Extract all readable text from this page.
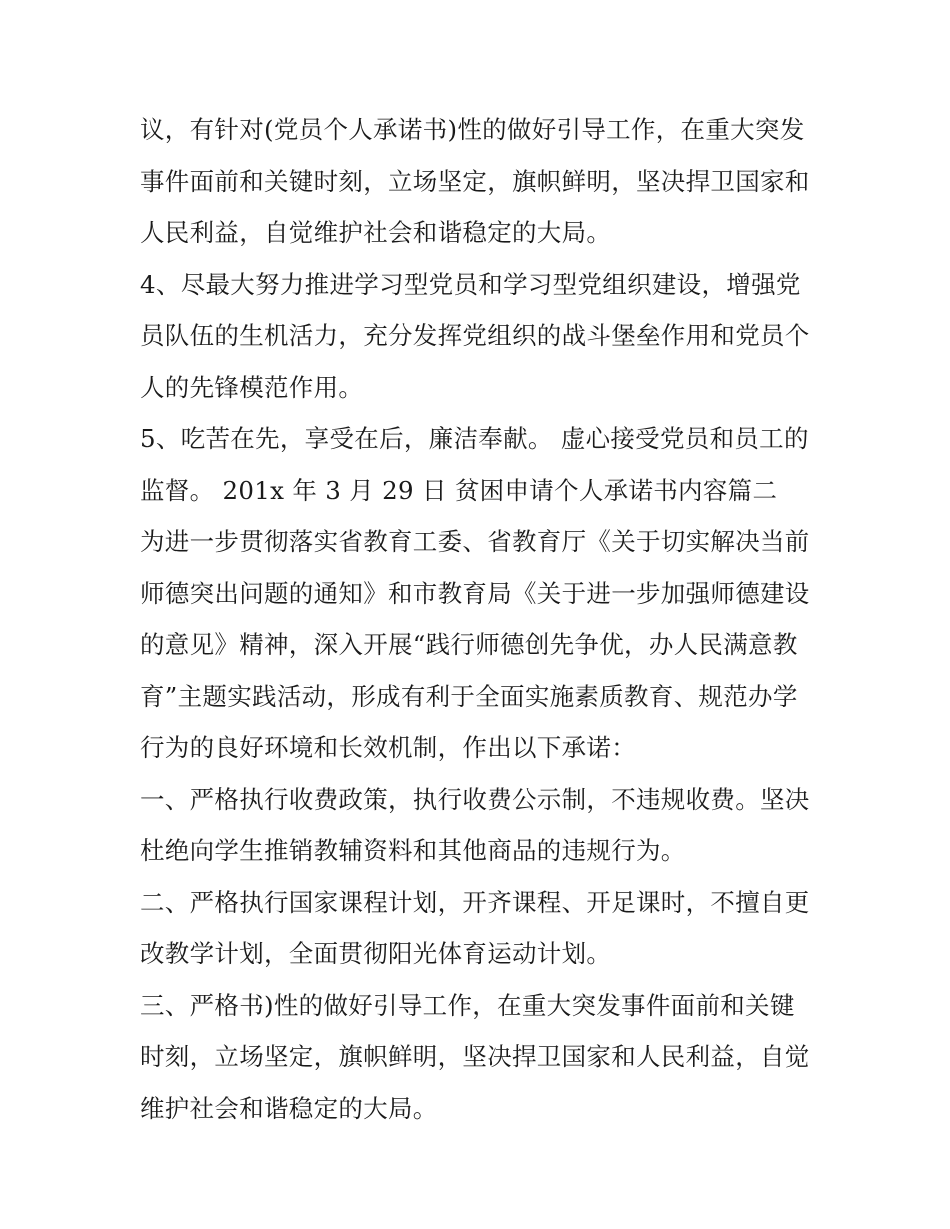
议，有针对(党员个人承诺书)性的做好引导工作，在重大突发
事件面前和关键时刻，立场坚定，旗帜鲜明，坚决捍卫国家和
人民利益，自觉维护社会和谐稳定的大局。
4、尽最大努力推进学习型党员和学习型党组织建设，增强党
员队伍的生机活力，充分发挥党组织的战斗堡垒作用和党员个
人的先锋模范作用。
5、吃苦在先，享受在后，廉洁奉献。 虚心接受党员和员工的
监督。 201x 年 3 月 29 日 贫困申请个人承诺书内容篇二
为进一步贯彻落实省教育工委、省教育厅《关于切实解决当前
师德突出问题的通知》和市教育局《关于进一步加强师德建设
的意见》精神，深入开展“践行师德创先争优，办人民满意教
育”主题实践活动，形成有利于全面实施素质教育、规范办学
行为的良好环境和长效机制，作出以下承诺：
一、严格执行收费政策，执行收费公示制，不违规收费。坚决
杜绝向学生推销教辅资料和其他商品的违规行为。
二、严格执行国家课程计划，开齐课程、开足课时，不擅自更
改教学计划，全面贯彻阳光体育运动计划。
三、严格书)性的做好引导工作，在重大突发事件面前和关键
时刻，立场坚定，旗帜鲜明，坚决捍卫国家和人民利益，自觉
维护社会和谐稳定的大局。
